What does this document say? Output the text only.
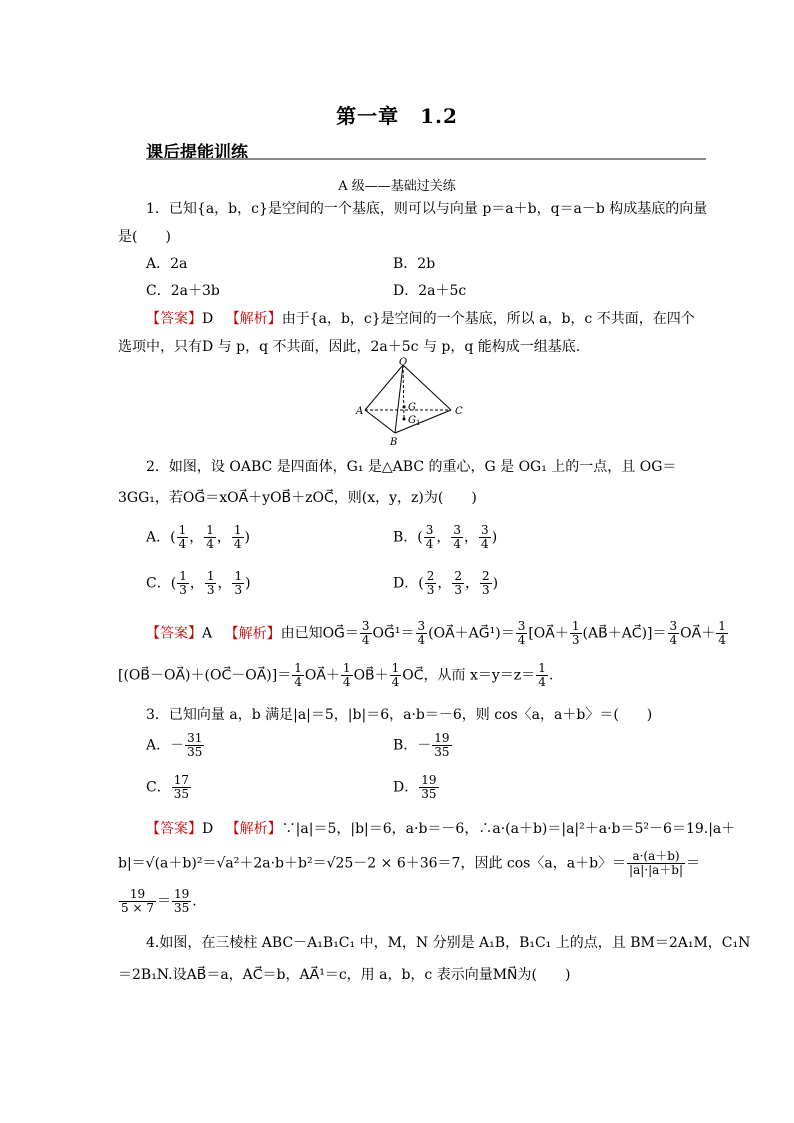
第一章　1.2
课后提能训练
A 级——基础过关练
1．已知{a，b，c}是空间的一个基底，则可以与向量 p＝a＋b，q＝a－b 构成基底的向量
是(　　)
A．2a	B．2b
C．2a＋3b	D．2a＋5c
【答案】D 【解析】由于{a，b，c}是空间的一个基底，所以 a，b，c 不共面，在四个
选项中，只有D 与 p，q 不共面，因此，2a＋5c 与 p，q 能构成一组基底.
O
A
B
C
G
G 1
2．如图，设 OABC 是四面体，G₁ 是△ABC 的重心，G 是 OG₁ 上的一点，且 OG＝
3GG₁，若OG⃗＝xOA⃗＋yOB⃗＋zOC⃗，则(x，y，z)为(　　)
A．( $\frac{1}{4}$ ， $\frac{1}{4}$ ， $\frac{1}{4}$ )	B．( $\frac{3}{4}$ ， $\frac{3}{4}$ ， $\frac{3}{4}$ )
C．( $\frac{1}{3}$ ， $\frac{1}{3}$ ， $\frac{1}{3}$ )	D．( $\frac{2}{3}$ ， $\frac{2}{3}$ ， $\frac{2}{3}$ )
【答案】A 【解析】由已知OG⃗＝ $\frac{3}{4}$ OG⃗¹＝ $\frac{3}{4}$ (OA⃗＋AG⃗¹)＝ $\frac{3}{4}$ [OA⃗＋ $\frac{1}{3}$ (AB⃗＋AC⃗)]＝ $\frac{3}{4}$ OA⃗＋ $\frac{1}{4}$
[(OB⃗－OA⃗)＋(OC⃗－OA⃗)]＝ $\frac{1}{4}$ OA⃗＋ $\frac{1}{4}$ OB⃗＋ $\frac{1}{4}$ OC⃗，从而 $x=y=z= \frac{1}{4}$ .
3．已知向量 a，b 满足|a|＝5，|b|＝6，a·b＝－6，则 cos〈a，a＋b〉＝(　　)
A．－ $\frac{31}{35}$	B．－ $\frac{19}{35}$
C． $\frac{17}{35}$	D． $\frac{19}{35}$
【答案】D 【解析】∵|a|＝5，|b|＝6，a·b＝－6，∴a·(a＋b)＝|a|²＋a·b＝5²－6＝19.|a＋
b|＝√(a＋b)²＝√a²＋2a·b＋b²＝√25－2 × 6＋36＝7，因此 cos〈a，a＋b〉＝ $\frac{a\cdot(a+b)}{|a|\cdot|a+b|}$ ＝
$\frac{19}{5 \times 7} = \frac{19}{35}$ .
4.如图，在三棱柱 ABC－A₁B₁C₁ 中，M，N 分别是 A₁B，B₁C₁ 上的点，且 BM＝2A₁M，C₁N
＝2B₁N.设AB⃗＝a，AC⃗＝b，AA⃗¹＝c，用 a，b，c 表示向量MN⃗为(　　)
